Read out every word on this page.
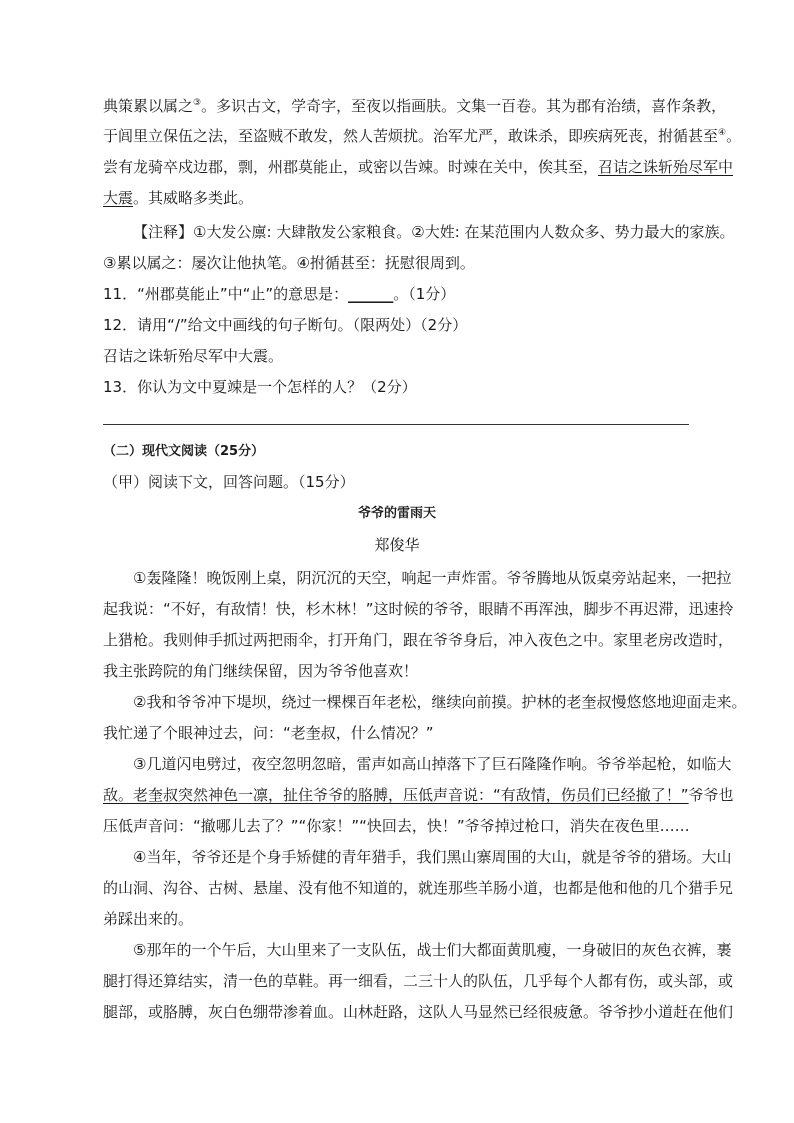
典策累以属之③。多识古文，学奇字，至夜以指画肤。文集一百卷。其为郡有治绩，喜作条教，
于闾里立保伍之法，至盗贼不敢发，然人苦烦扰。治军尤严，敢诛杀，即疾病死丧，拊循甚至④。
尝有龙骑卒戍边郡，剽，州郡莫能止，或密以告竦。时竦在关中，俟其至，召诘之诛斩殆尽军中
大震。其威略多类此。
【注释】①大发公廪: 大肆散发公家粮食。②大姓: 在某范围内人数众多、势力最大的家族。
③累以属之：屡次让他执笔。④拊循甚至：抚慰很周到。
11．“州郡莫能止”中“止”的意思是：______。（1分）
12．请用“/”给文中画线的句子断句。（限两处）（2分）
召诘之诛斩殆尽军中大震。
13．你认为文中夏竦是一个怎样的人？（2分）
（二）现代文阅读（25分）
（甲）阅读下文，回答问题。（15分）
爷爷的雷雨天
郑俊华
①轰隆隆！晚饭刚上桌，阴沉沉的天空，响起一声炸雷。爷爷腾地从饭桌旁站起来，一把拉
起我说：“不好，有敌情！快，杉木林！”这时候的爷爷，眼睛不再浑浊，脚步不再迟滞，迅速拎
上猎枪。我则伸手抓过两把雨伞，打开角门，跟在爷爷身后，冲入夜色之中。家里老房改造时，
我主张跨院的角门继续保留，因为爷爷他喜欢！
②我和爷爷冲下堤坝，绕过一棵棵百年老松，继续向前摸。护林的老奎叔慢悠悠地迎面走来。
我忙递了个眼神过去，问：“老奎叔，什么情况？”
③几道闪电劈过，夜空忽明忽暗，雷声如高山掉落下了巨石隆隆作响。爷爷举起枪，如临大
敌。老奎叔突然神色一凛，扯住爷爷的胳膊，压低声音说：“有敌情，伤员们已经撤了！”爷爷也
压低声音问：“撤哪儿去了？”“你家！”“快回去，快！”爷爷掉过枪口，消失在夜色里……
④当年，爷爷还是个身手矫健的青年猎手，我们黑山寨周围的大山，就是爷爷的猎场。大山
的山洞、沟谷、古树、悬崖、没有他不知道的，就连那些羊肠小道，也都是他和他的几个猎手兄
弟踩出来的。
⑤那年的一个午后，大山里来了一支队伍，战士们大都面黄肌瘦，一身破旧的灰色衣裤，裹
腿打得还算结实，清一色的草鞋。再一细看，二三十人的队伍，几乎每个人都有伤，或头部，或
腿部，或胳膊，灰白色绷带渗着血。山林赶路，这队人马显然已经很疲惫。爷爷抄小道赶在他们
